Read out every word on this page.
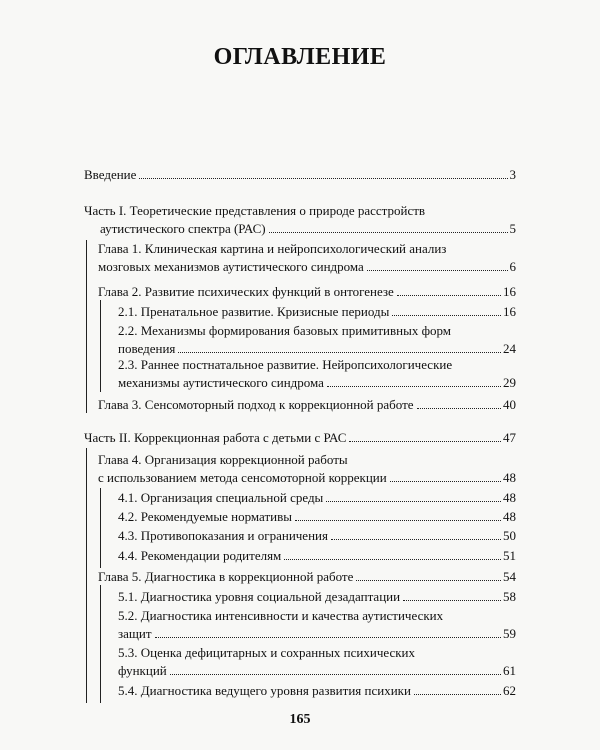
ОГЛАВЛЕНИЕ
Введение	3
Часть I. Теоретические представления о природе расстройств
аутистического спектра (РАС)	5
Глава 1. Клиническая картина и нейропсихологический анализ
мозговых механизмов аутистического синдрома	6
Глава 2. Развитие психических функций в онтогенезе	16
2.1. Пренатальное развитие. Кризисные периоды	16
2.2. Механизмы формирования базовых примитивных форм
поведения	24
2.3. Раннее постнатальное развитие. Нейропсихологические
механизмы аутистического синдрома	29
Глава 3. Сенсомоторный подход к коррекционной работе	40
Часть II. Коррекционная работа с детьми с РАС	47
Глава 4. Организация коррекционной работы
с использованием метода сенсомоторной коррекции	48
4.1. Организация специальной среды	48
4.2. Рекомендуемые нормативы	48
4.3. Противопоказания и ограничения	50
4.4. Рекомендации родителям	51
Глава 5. Диагностика в коррекционной работе	54
5.1. Диагностика уровня социальной дезадаптации	58
5.2. Диагностика интенсивности и качества аутистических
защит	59
5.3. Оценка дефицитарных и сохранных психических
функций	61
5.4. Диагностика ведущего уровня развития психики	62
165
